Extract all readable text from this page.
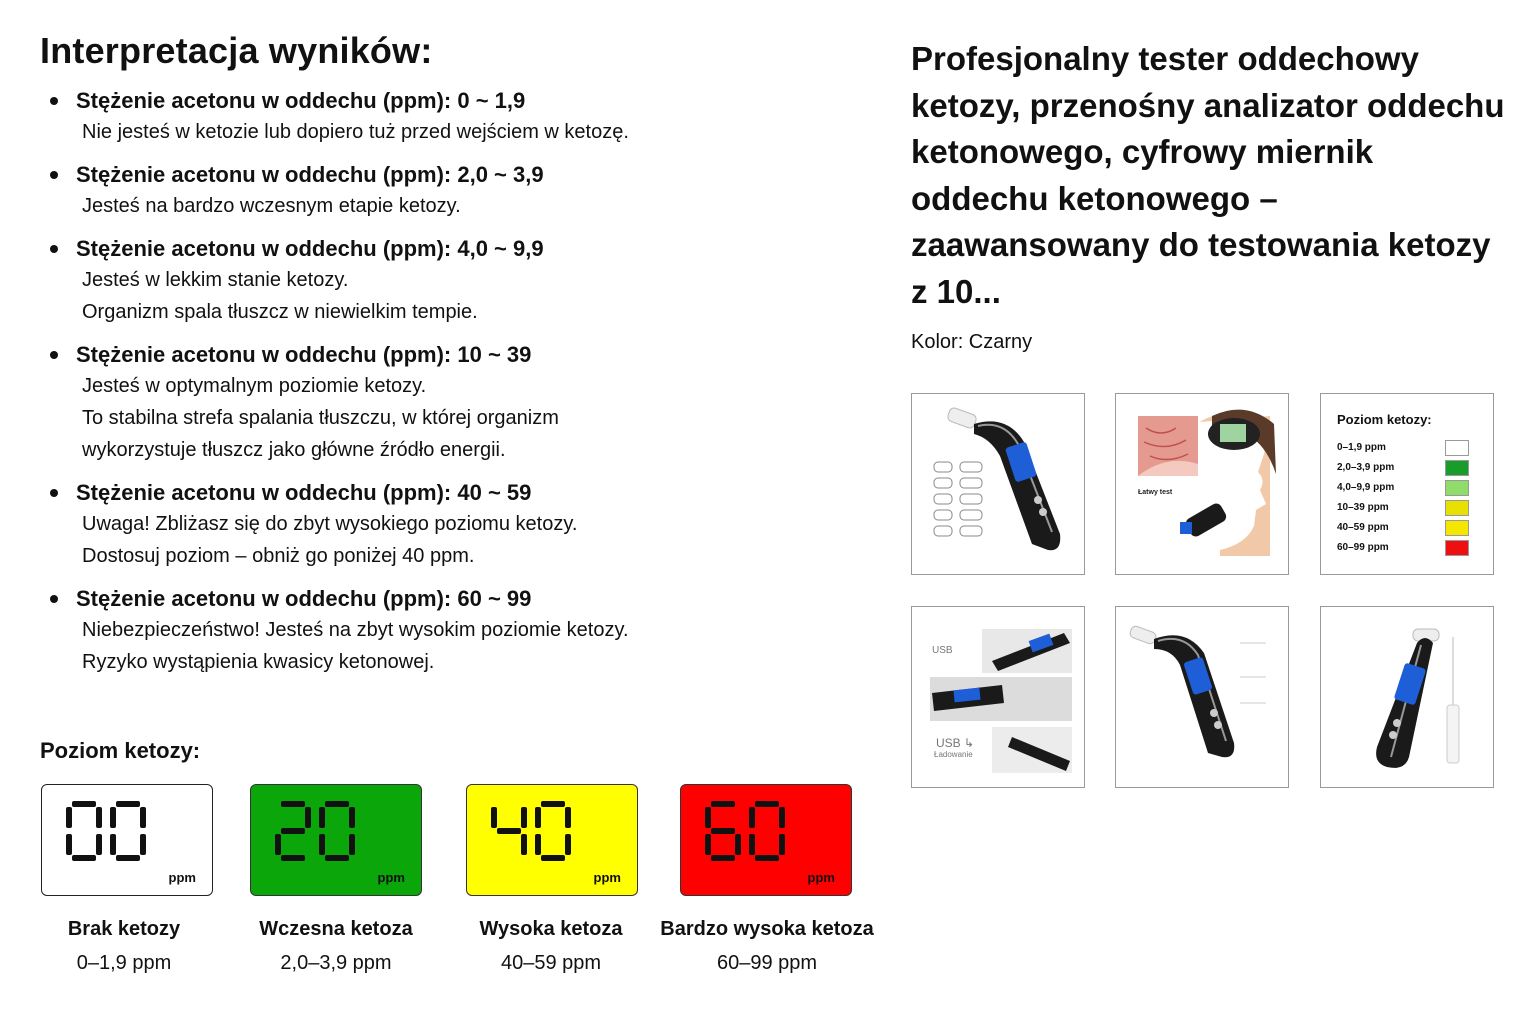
Interpretacja wyników:
Stężenie acetonu w oddechu (ppm): 0 ~ 1,9
Nie jesteś w ketozie lub dopiero tuż przed wejściem w ketozę.
Stężenie acetonu w oddechu (ppm): 2,0 ~ 3,9
Jesteś na bardzo wczesnym etapie ketozy.
Stężenie acetonu w oddechu (ppm): 4,0 ~ 9,9
Jesteś w lekkim stanie ketozy.
Organizm spala tłuszcz w niewielkim tempie.
Stężenie acetonu w oddechu (ppm): 10 ~ 39
Jesteś w optymalnym poziomie ketozy.
To stabilna strefa spalania tłuszczu, w której organizm
wykorzystuje tłuszcz jako główne źródło energii.
Stężenie acetonu w oddechu (ppm): 40 ~ 59
Uwaga! Zbliżasz się do zbyt wysokiego poziomu ketozy.
Dostosuj poziom – obniż go poniżej 40 ppm.
Stężenie acetonu w oddechu (ppm): 60 ~ 99
Niebezpieczeństwo! Jesteś na zbyt wysokim poziomie ketozy.
Ryzyko wystąpienia kwasicy ketonowej.
Poziom ketozy:
ppm	ppm	ppm	ppm
Brak ketozy
0–1,9 ppm
Wczesna ketoza
2,0–3,9 ppm
Wysoka ketoza
40–59 ppm
Bardzo wysoka ketoza
60–99 ppm
Profesjonalny tester oddechowy ketozy, przenośny analizator oddechu ketonowego, cyfrowy miernik oddechu ketonowego – zaawansowany do testowania ketozy z 10...
Kolor: Czarny
Łatwy test
Poziom ketozy:
0–1,9 ppm
2,0–3,9 ppm
4,0–9,9 ppm
10–39 ppm
40–59 ppm
60–99 ppm
USB
USB ↳
Ładowanie
